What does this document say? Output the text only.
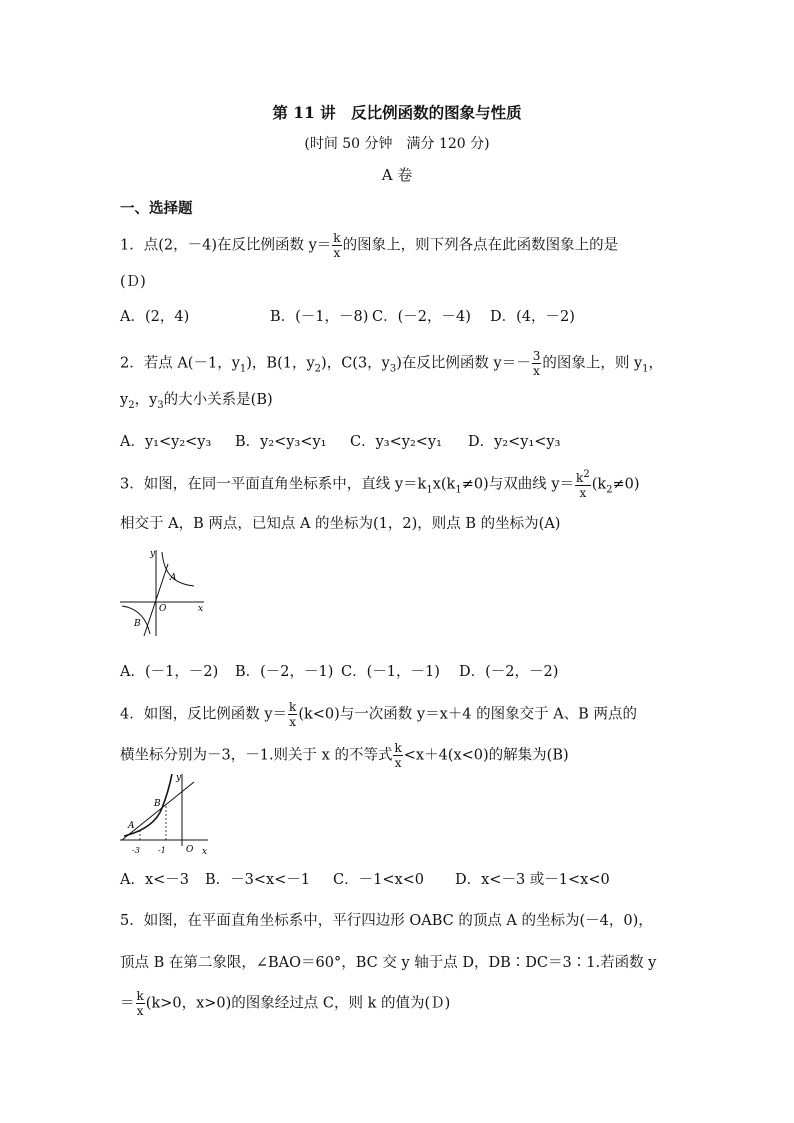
第 11 讲　反比例函数的图象与性质
(时间 50 分钟　满分 120 分)
A 卷
一、选择题
1．点(2，－4)在反比例函数 $y= \frac{k}{x}$ 的图象上，则下列各点在此函数图象上的是
(Ｄ)
A．(2，4)	B．(－1，－8) C．(－2，－4) D．(4，－2)
2．若点 A(－1，$y_1$)，B(1，$y_2$)，C(3，$y_3$)在反比例函数 $y=- \frac{3}{x}$ 的图象上，则 $y_1$，
$y_2$，$y_3$的大小关系是(B)
A．y₁<y₂<y₃ B．y₂<y₃<y₁ C．y₃<y₂<y₁ D．y₂<y₁<y₃
3．如图，在同一平面直角坐标系中，直线 $y=k_1x(k_1\ne 0)$与双曲线 $y= \frac{k^2}{x} (k_2\ne 0)$
相交于 A，B 两点，已知点 A 的坐标为(1，2)，则点 B 的坐标为(A)
y
x
O
A
B
A．(－1，－2) B．(－2，－1) C．(－1，－1) D．(－2，－2)
4．如图，反比例函数 $y= \frac{k}{x} (k<0)$与一次函数 y＝x＋4 的图象交于 A、B 两点的
横坐标分别为－3，－1.则关于 x 的不等式 $\frac{k}{x} <x+4(x<0)$的解集为(B)
y
x
O
A
B
-3 -1
A．x<－3 B．－3<x<－1 C．－1<x<0 D．x<－3 或－1<x<0
5．如图，在平面直角坐标系中，平行四边形 OABC 的顶点 A 的坐标为(－4，0)，
顶点 B 在第二象限，∠BAO＝60°，BC 交 y 轴于点 D，DB∶DC＝3∶1.若函数 y
＝ $\frac{k}{x} (k>0$，x>0)的图象经过点 C，则 k 的值为(Ｄ)
